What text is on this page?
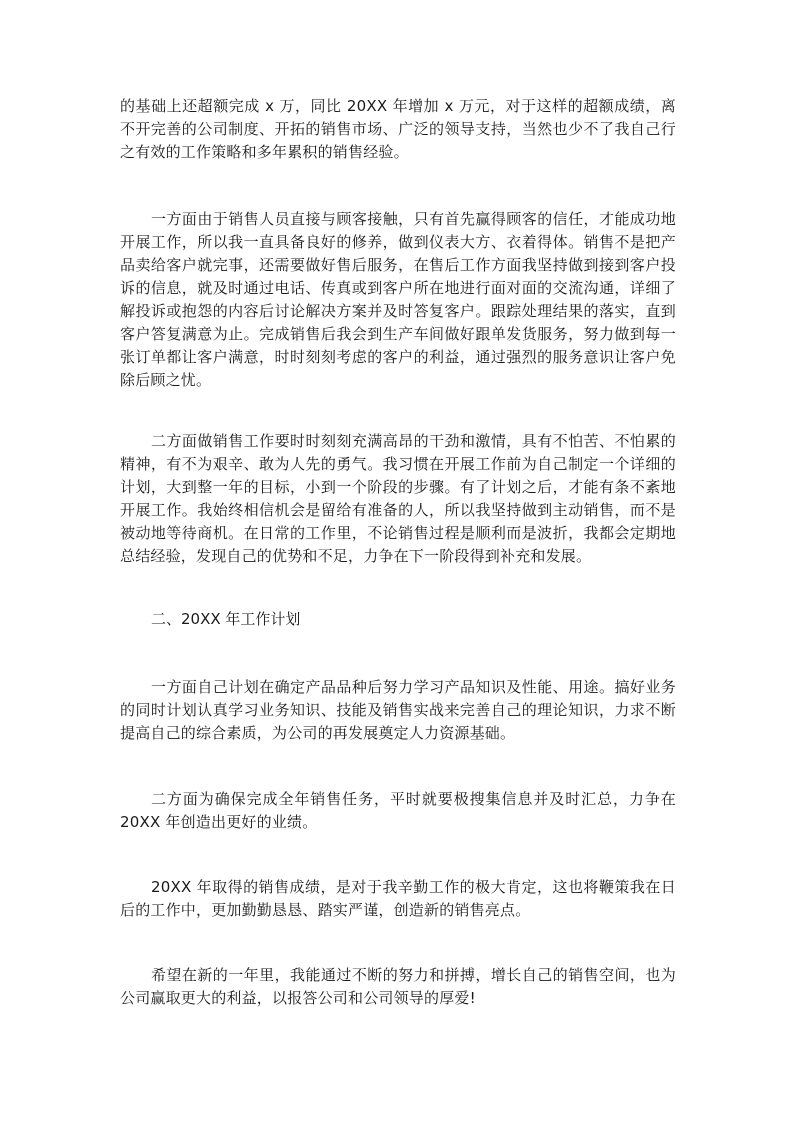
的基础上还超额完成 x 万，同比 20XX 年增加 x 万元，对于这样的超额成绩，离不开完善的公司制度、开拓的销售市场、广泛的领导支持，当然也少不了我自己行之有效的工作策略和多年累积的销售经验。

一方面由于销售人员直接与顾客接触，只有首先赢得顾客的信任，才能成功地开展工作，所以我一直具备良好的修养，做到仪表大方、衣着得体。销售不是把产品卖给客户就完事，还需要做好售后服务，在售后工作方面我坚持做到接到客户投诉的信息，就及时通过电话、传真或到客户所在地进行面对面的交流沟通，详细了解投诉或抱怨的内容后讨论解决方案并及时答复客户。跟踪处理结果的落实，直到客户答复满意为止。完成销售后我会到生产车间做好跟单发货服务，努力做到每一张订单都让客户满意，时时刻刻考虑的客户的利益，通过强烈的服务意识让客户免除后顾之忧。

二方面做销售工作要时时刻刻充满高昂的干劲和激情，具有不怕苦、不怕累的精神，有不为艰辛、敢为人先的勇气。我习惯在开展工作前为自己制定一个详细的计划，大到整一年的目标，小到一个阶段的步骤。有了计划之后，才能有条不紊地开展工作。我始终相信机会是留给有准备的人，所以我坚持做到主动销售，而不是被动地等待商机。在日常的工作里，不论销售过程是顺利而是波折，我都会定期地总结经验，发现自己的优势和不足，力争在下一阶段得到补充和发展。

二、20XX 年工作计划

一方面自己计划在确定产品品种后努力学习产品知识及性能、用途。搞好业务的同时计划认真学习业务知识、技能及销售实战来完善自己的理论知识，力求不断提高自己的综合素质，为公司的再发展奠定人力资源基础。

二方面为确保完成全年销售任务，平时就要极搜集信息并及时汇总，力争在 20XX 年创造出更好的业绩。

20XX 年取得的销售成绩，是对于我辛勤工作的极大肯定，这也将鞭策我在日后的工作中，更加勤勤恳恳、踏实严谨，创造新的销售亮点。

希望在新的一年里，我能通过不断的努力和拼搏，增长自己的销售空间，也为公司赢取更大的利益，以报答公司和公司领导的厚爱!
